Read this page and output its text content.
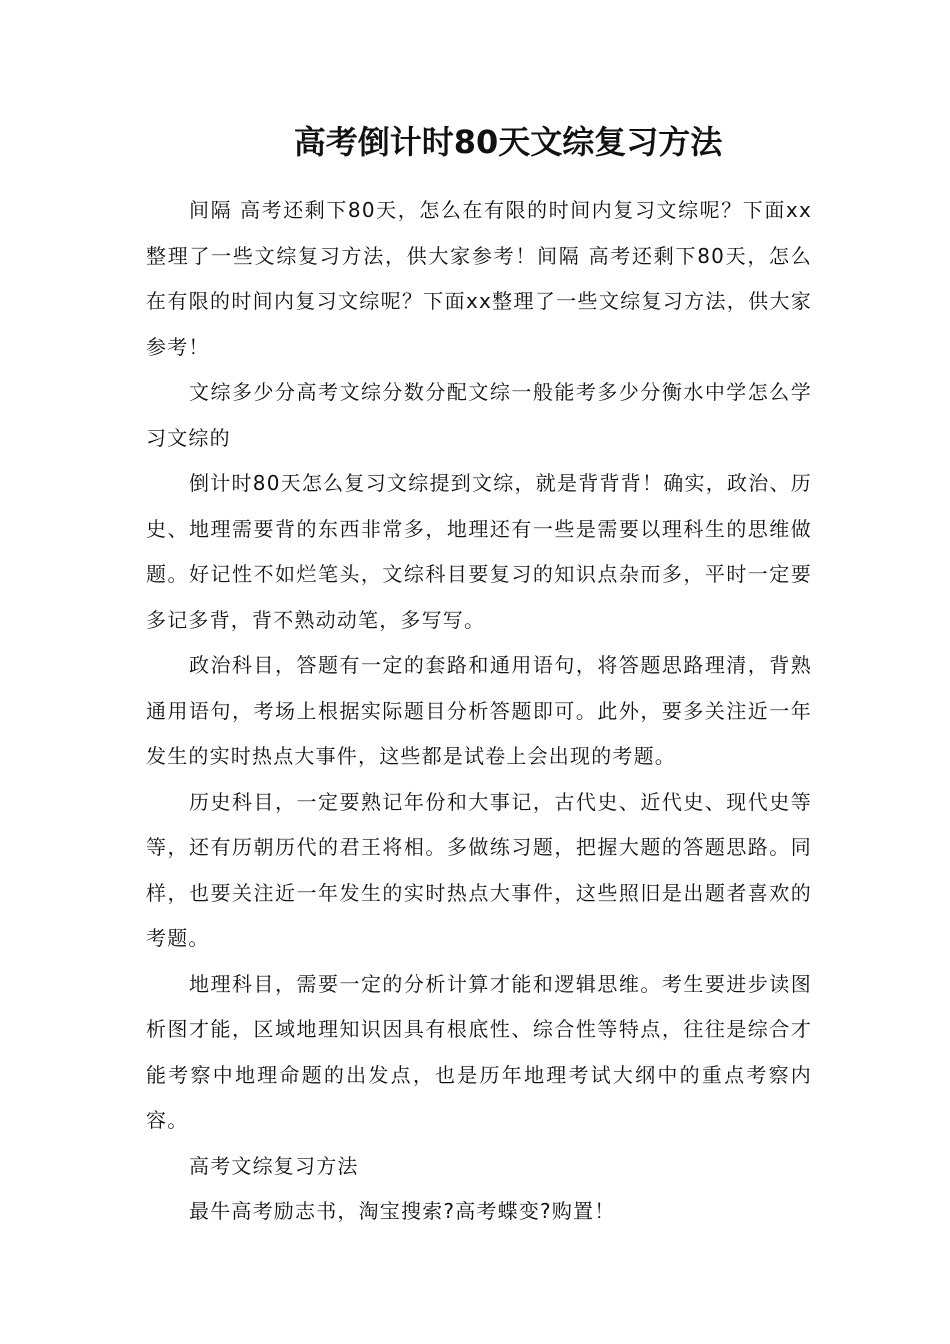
高考倒计时80天文综复习方法

间隔 高考还剩下80天，怎么在有限的时间内复习文综呢？下面xx整理了一些文综复习方法，供大家参考！间隔 高考还剩下80天，怎么在有限的时间内复习文综呢？下面xx整理了一些文综复习方法，供大家参考！

文综多少分高考文综分数分配文综一般能考多少分衡水中学怎么学习文综的

倒计时80天怎么复习文综提到文综，就是背背背！确实，政治、历史、地理需要背的东西非常多，地理还有一些是需要以理科生的思维做题。好记性不如烂笔头，文综科目要复习的知识点杂而多，平时一定要多记多背，背不熟动动笔，多写写。

政治科目，答题有一定的套路和通用语句，将答题思路理清，背熟通用语句，考场上根据实际题目分析答题即可。此外，要多关注近一年发生的实时热点大事件，这些都是试卷上会出现的考题。

历史科目，一定要熟记年份和大事记，古代史、近代史、现代史等等，还有历朝历代的君王将相。多做练习题，把握大题的答题思路。同样，也要关注近一年发生的实时热点大事件，这些照旧是出题者喜欢的考题。

地理科目，需要一定的分析计算才能和逻辑思维。考生要进步读图析图才能，区域地理知识因具有根底性、综合性等特点，往往是综合才能考察中地理命题的出发点，也是历年地理考试大纲中的重点考察内容。

高考文综复习方法

最牛高考励志书，淘宝搜索?高考蝶变?购置！
